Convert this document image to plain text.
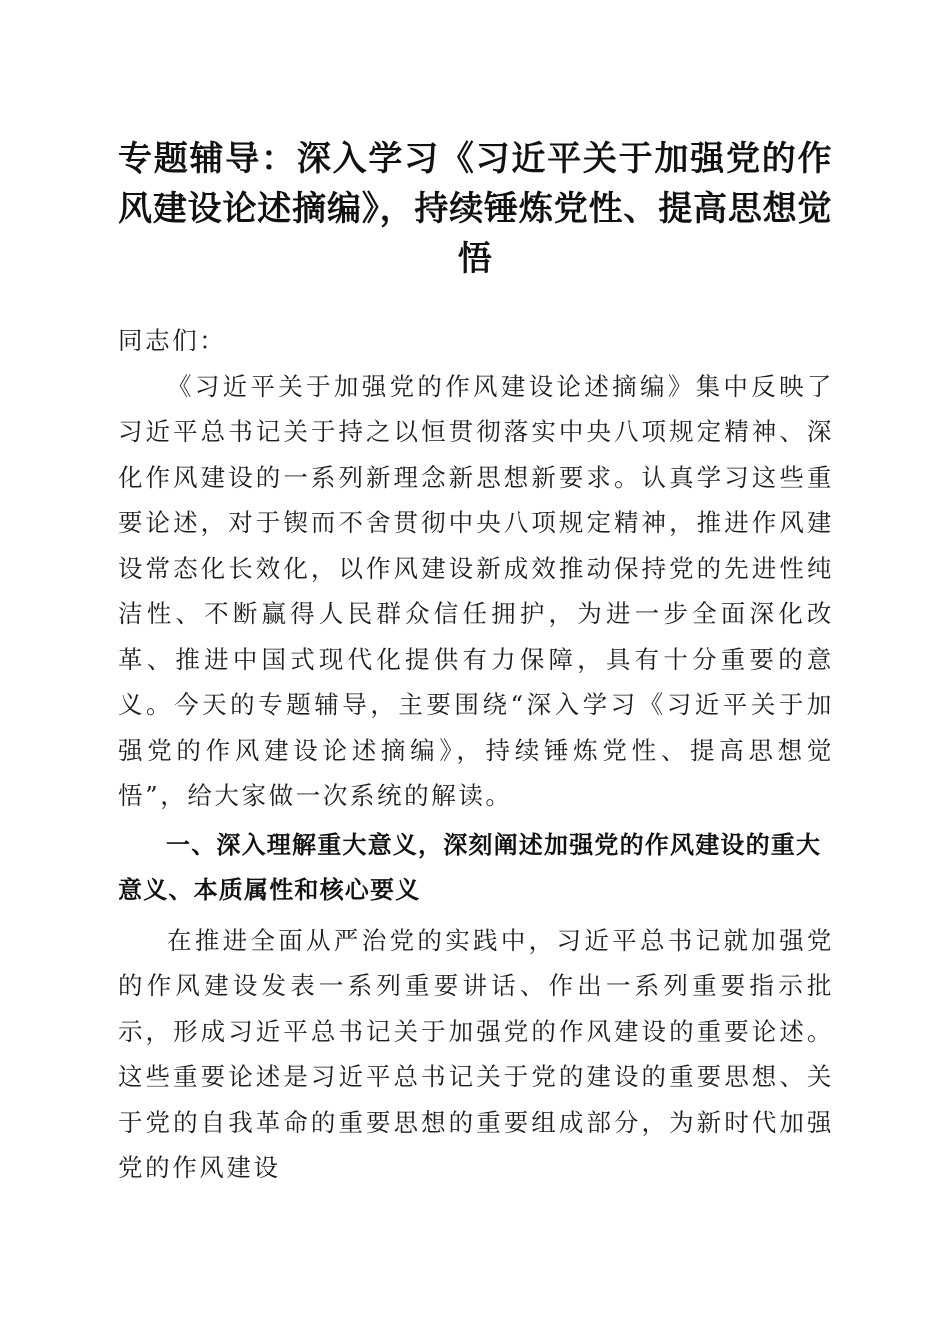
专题辅导：深入学习《习近平关于加强党的作风建设论述摘编》，持续锤炼党性、提高思想觉悟

同志们：

《习近平关于加强党的作风建设论述摘编》集中反映了习近平总书记关于持之以恒贯彻落实中央八项规定精神、深化作风建设的一系列新理念新思想新要求。认真学习这些重要论述，对于锲而不舍贯彻中央八项规定精神，推进作风建设常态化长效化，以作风建设新成效推动保持党的先进性纯洁性、不断赢得人民群众信任拥护，为进一步全面深化改革、推进中国式现代化提供有力保障，具有十分重要的意义。今天的专题辅导，主要围绕“深入学习《习近平关于加强党的作风建设论述摘编》，持续锤炼党性、提高思想觉悟”，给大家做一次系统的解读。

一、深入理解重大意义，深刻阐述加强党的作风建设的重大意义、本质属性和核心要义

在推进全面从严治党的实践中，习近平总书记就加强党的作风建设发表一系列重要讲话、作出一系列重要指示批示，形成习近平总书记关于加强党的作风建设的重要论述。这些重要论述是习近平总书记关于党的建设的重要思想、关于党的自我革命的重要思想的重要组成部分，为新时代加强党的作风建设
